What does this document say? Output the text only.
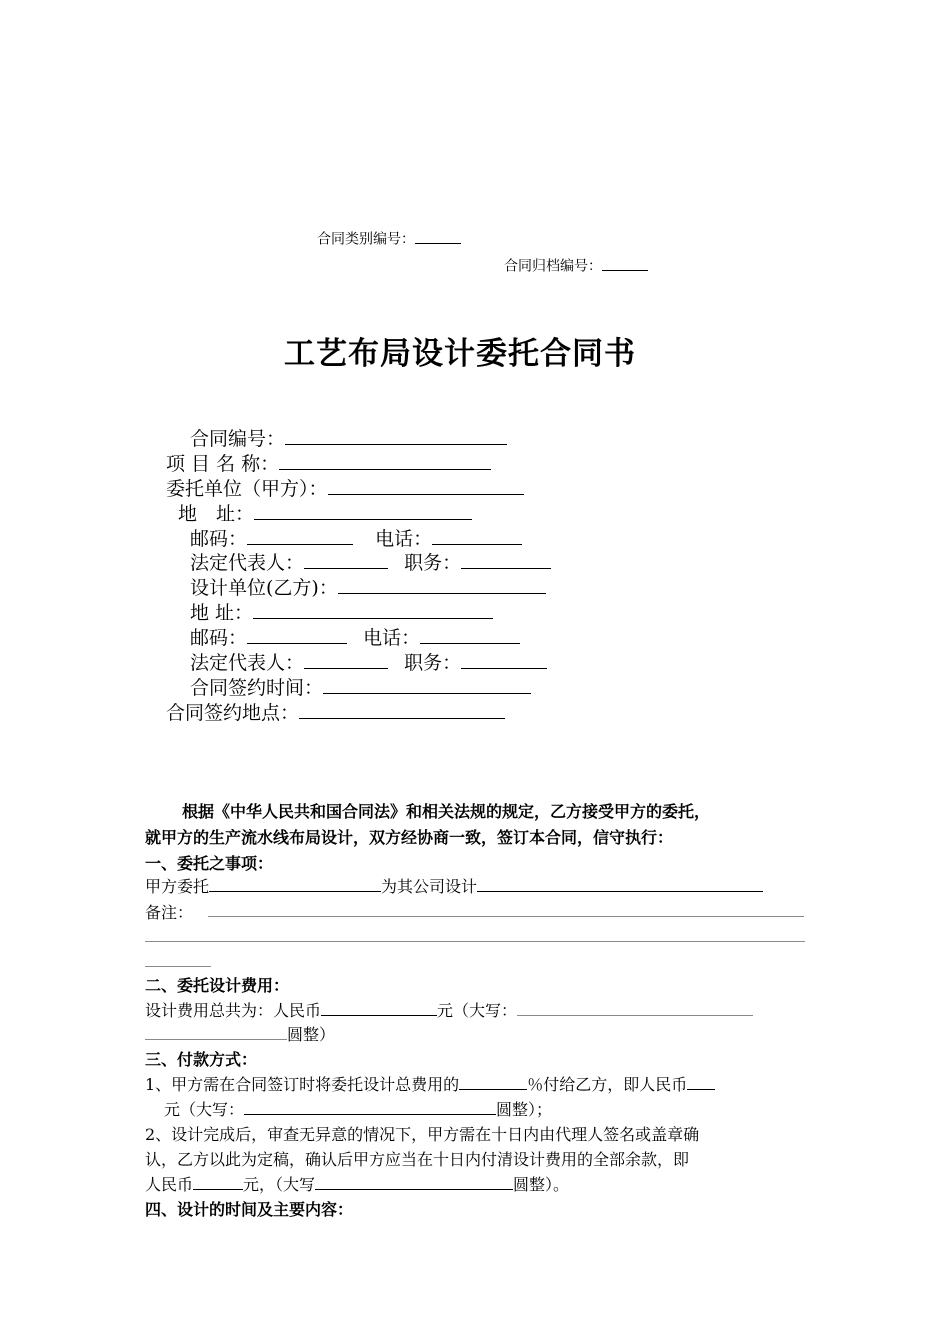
合同类别编号：
合同归档编号：
工艺布局设计委托合同书
合同编号：
项 目 名 称：
委托单位（甲方）：
地　址：
邮码：	电话：
法定代表人：	职务：
设计单位(乙方)：
地 址：
邮码：	电话：
法定代表人：	职务：
合同签约时间：
合同签约地点：
根据《中华人民共和国合同法》和相关法规的规定，乙方接受甲方的委托，
就甲方的生产流水线布局设计，双方经协商一致，签订本合同，信守执行：
一、委托之事项：
甲方委托	为其公司设计
备注：
二、委托设计费用：
设计费用总共为：人民币	元（大写：
圆整）
三、付款方式：
1、甲方需在合同签订时将委托设计总费用的	％付给乙方，即人民币
元（大写：	圆整）；
2、设计完成后，审查无异意的情况下，甲方需在十日内由代理人签名或盖章确
认，乙方以此为定稿，确认后甲方应当在十日内付清设计费用的全部余款，即
人民币	元，（大写	圆整）。
四、设计的时间及主要内容：
